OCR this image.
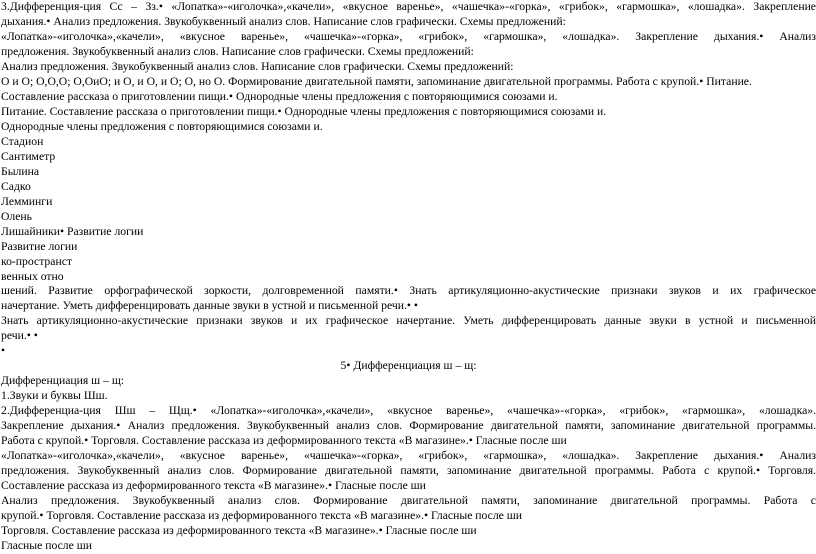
3.Дифференция-ция Сс – Зз.• «Лопатка»-«иголочка»,«качели», «вкусное варенье», «чашечка»-«горка», «грибок», «гармошка», «лошадка». Закрепление
дыхания.• Анализ предложения. Звукобуквенный анализ слов. Написание слов графически. Схемы предложений:
«Лопатка»-«иголочка»,«качели», «вкусное варенье», «чашечка»-«горка», «грибок», «гармошка», «лошадка». Закрепление дыхания.• Анализ
предложения. Звукобуквенный анализ слов. Написание слов графически. Схемы предложений:
Анализ предложения. Звукобуквенный анализ слов. Написание слов графически. Схемы предложений:
О и О; О,О,О; О,ОиО; и О, и О, и О; О, но О. Формирование двигательной памяти, запоминание двигательной программы. Работа с крупой.• Питание.
Составление рассказа о приготовлении пищи.• Однородные члены предложения с повторяющимися союзами и.
Питание. Составление рассказа о приготовлении пищи.• Однородные члены предложения с повторяющимися союзами и.
Однородные члены предложения с повторяющимися союзами и.
Стадион
Сантиметр
Былина
Садко
Лемминги
Олень
Лишайники• Развитие логии
Развитие логии
ко-пространст
венных отно
шений. Развитие орфографической зоркости, долговременной памяти.• Знать артикуляционно-акустические признаки звуков и их графическое
начертание. Уметь дифференцировать данные звуки в устной и письменной речи.• •
Знать артикуляционно-акустические признаки звуков и их графическое начертание. Уметь дифференцировать данные звуки в устной и письменной
речи.• •
•
5• Дифференциация ш – щ:
Дифференциация ш – щ:
1.Звуки и буквы Шш.
2.Дифференциа-ция Шш – Щщ.• «Лопатка»-«иголочка»,«качели», «вкусное варенье», «чашечка»-«горка», «грибок», «гармошка», «лошадка».
Закрепление дыхания.• Анализ предложения. Звукобуквенный анализ слов. Формирование двигательной памяти, запоминание двигательной программы.
Работа с крупой.• Торговля. Составление рассказа из деформированного текста «В магазине».• Гласные после ши
«Лопатка»-«иголочка»,«качели», «вкусное варенье», «чашечка»-«горка», «грибок», «гармошка», «лошадка». Закрепление дыхания.• Анализ
предложения. Звукобуквенный анализ слов. Формирование двигательной памяти, запоминание двигательной программы. Работа с крупой.• Торговля.
Составление рассказа из деформированного текста «В магазине».• Гласные после ши
Анализ предложения. Звукобуквенный анализ слов. Формирование двигательной памяти, запоминание двигательной программы. Работа с
крупой.• Торговля. Составление рассказа из деформированного текста «В магазине».• Гласные после ши
Торговля. Составление рассказа из деформированного текста «В магазине».• Гласные после ши
Гласные после ши
